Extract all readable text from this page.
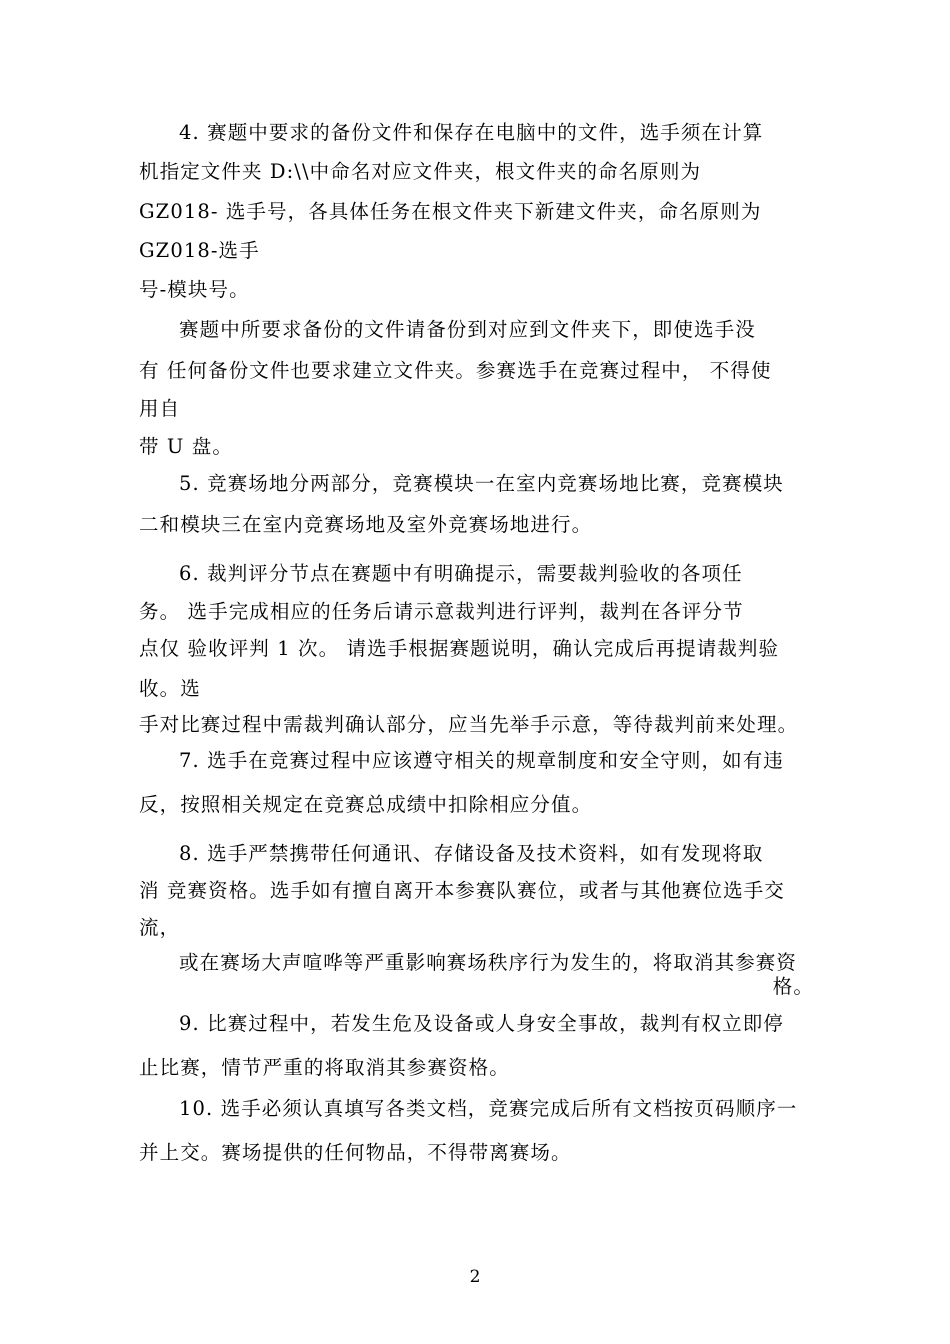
4. 赛题中要求的备份文件和保存在电脑中的文件，选手须在计算
机指定文件夹 D:\\中命名对应文件夹，根文件夹的命名原则为
GZ018- 选手号，各具体任务在根文件夹下新建文件夹，命名原则为
GZ018-选手
号-模块号。
赛题中所要求备份的文件请备份到对应到文件夹下，即使选手没
有 任何备份文件也要求建立文件夹。参赛选手在竞赛过程中， 不得使
用自
带 U 盘。
5. 竞赛场地分两部分，竞赛模块一在室内竞赛场地比赛，竞赛模块
二和模块三在室内竞赛场地及室外竞赛场地进行。
6. 裁判评分节点在赛题中有明确提示，需要裁判验收的各项任
务。 选手完成相应的任务后请示意裁判进行评判，裁判在各评分节
点仅 验收评判 1 次。 请选手根据赛题说明，确认完成后再提请裁判验
收。选
手对比赛过程中需裁判确认部分，应当先举手示意，等待裁判前来处理。
7. 选手在竞赛过程中应该遵守相关的规章制度和安全守则，如有违
反，按照相关规定在竞赛总成绩中扣除相应分值。
8. 选手严禁携带任何通讯、存储设备及技术资料，如有发现将取
消 竞赛资格。选手如有擅自离开本参赛队赛位，或者与其他赛位选手交
流，
或在赛场大声喧哗等严重影响赛场秩序行为发生的，将取消其参赛资
格。
9. 比赛过程中，若发生危及设备或人身安全事故，裁判有权立即停
止比赛，情节严重的将取消其参赛资格。
10. 选手必须认真填写各类文档，竞赛完成后所有文档按页码顺序一
并上交。赛场提供的任何物品，不得带离赛场。
2
